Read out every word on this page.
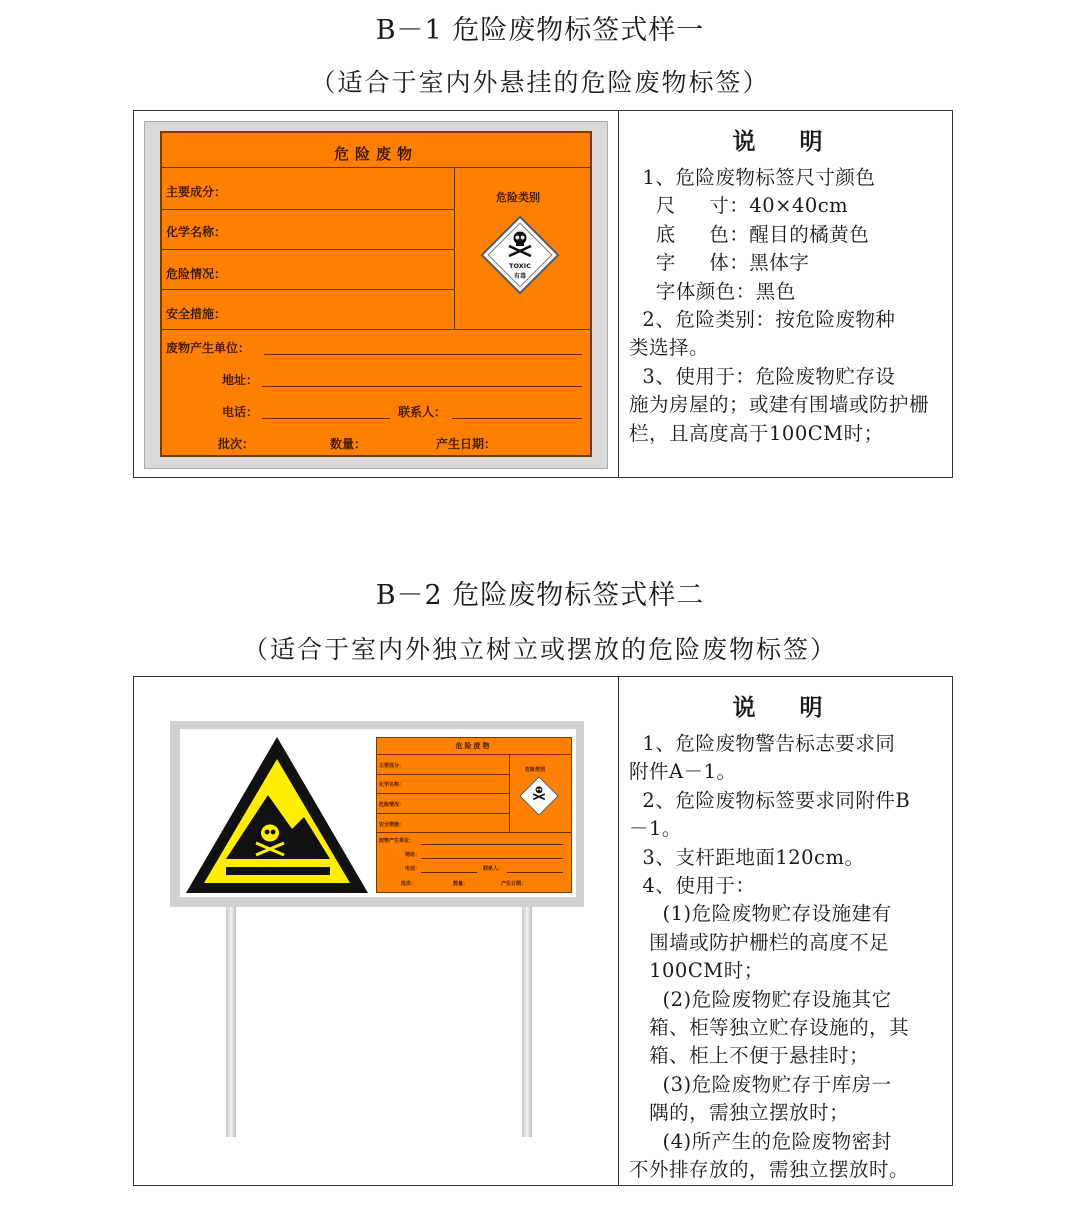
B－1 危险废物标签式样一
（适合于室内外悬挂的危险废物标签）
危险废物
主要成分：
化学名称：
危险情况：
安全措施：
危险类别
TOXIC
有毒
废物产生单位：
地址：
电话：	联系人：
批次：	数量：	产生日期：
说 明
1、危险废物标签尺寸颜色
尺     寸：40×40cm
底     色：醒目的橘黄色
字     体：黑体字
字体颜色：黑色
2、危险类别：按危险废物种
类选择。
3、使用于：危险废物贮存设
施为房屋的；或建有围墙或防护栅
栏，且高度高于100CM时；
B－2 危险废物标签式样二
（适合于室内外独立树立或摆放的危险废物标签）
危险废物
主要成分：
化学名称：
危险情况：
安全措施：
危险类别
废物产生单位：
地址：
电话：	联系人：
批次：	数量：	产生日期：
说 明
1、危险废物警告标志要求同
附件A－1。
2、危险废物标签要求同附件B
－1。
3、支杆距地面120cm。
4、使用于：
(1)危险废物贮存设施建有
围墙或防护栅栏的高度不足
100CM时；
(2)危险废物贮存设施其它
箱、柜等独立贮存设施的，其
箱、柜上不便于悬挂时；
(3)危险废物贮存于库房一
隅的，需独立摆放时；
(4)所产生的危险废物密封
不外排存放的，需独立摆放时。
